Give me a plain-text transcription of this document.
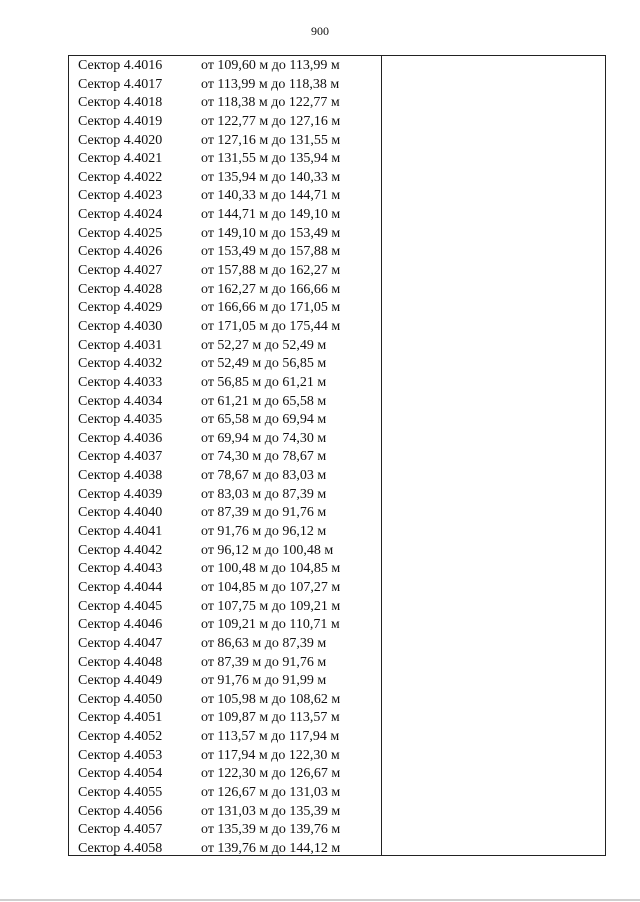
900
Сектор 4.4016	от 109,60 м до 113,99 м
Сектор 4.4017	от 113,99 м до 118,38 м
Сектор 4.4018	от 118,38 м до 122,77 м
Сектор 4.4019	от 122,77 м до 127,16 м
Сектор 4.4020	от 127,16 м до 131,55 м
Сектор 4.4021	от 131,55 м до 135,94 м
Сектор 4.4022	от 135,94 м до 140,33 м
Сектор 4.4023	от 140,33 м до 144,71 м
Сектор 4.4024	от 144,71 м до 149,10 м
Сектор 4.4025	от 149,10 м до 153,49 м
Сектор 4.4026	от 153,49 м до 157,88 м
Сектор 4.4027	от 157,88 м до 162,27 м
Сектор 4.4028	от 162,27 м до 166,66 м
Сектор 4.4029	от 166,66 м до 171,05 м
Сектор 4.4030	от 171,05 м до 175,44 м
Сектор 4.4031	от 52,27 м до 52,49 м
Сектор 4.4032	от 52,49 м до 56,85 м
Сектор 4.4033	от 56,85 м до 61,21 м
Сектор 4.4034	от 61,21 м до 65,58 м
Сектор 4.4035	от 65,58 м до 69,94 м
Сектор 4.4036	от 69,94 м до 74,30 м
Сектор 4.4037	от 74,30 м до 78,67 м
Сектор 4.4038	от 78,67 м до 83,03 м
Сектор 4.4039	от 83,03 м до 87,39 м
Сектор 4.4040	от 87,39 м до 91,76 м
Сектор 4.4041	от 91,76 м до 96,12 м
Сектор 4.4042	от 96,12 м до 100,48 м
Сектор 4.4043	от 100,48 м до 104,85 м
Сектор 4.4044	от 104,85 м до 107,27 м
Сектор 4.4045	от 107,75 м до 109,21 м
Сектор 4.4046	от 109,21 м до 110,71 м
Сектор 4.4047	от 86,63 м до 87,39 м
Сектор 4.4048	от 87,39 м до 91,76 м
Сектор 4.4049	от 91,76 м до 91,99 м
Сектор 4.4050	от 105,98 м до 108,62 м
Сектор 4.4051	от 109,87 м до 113,57 м
Сектор 4.4052	от 113,57 м до 117,94 м
Сектор 4.4053	от 117,94 м до 122,30 м
Сектор 4.4054	от 122,30 м до 126,67 м
Сектор 4.4055	от 126,67 м до 131,03 м
Сектор 4.4056	от 131,03 м до 135,39 м
Сектор 4.4057	от 135,39 м до 139,76 м
Сектор 4.4058	от 139,76 м до 144,12 м
